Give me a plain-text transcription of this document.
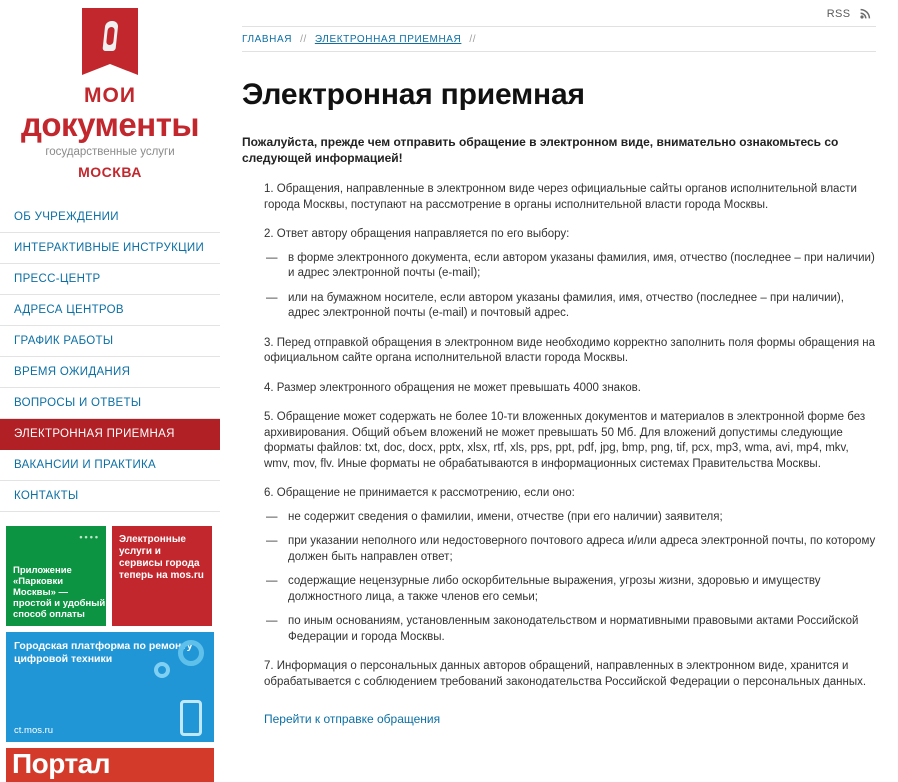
МОИ
документы
государственные услуги
МОСКВА
ОБ УЧРЕЖДЕНИИ
ИНТЕРАКТИВНЫЕ ИНСТРУКЦИИ
ПРЕСС-ЦЕНТР
АДРЕСА ЦЕНТРОВ
ГРАФИК РАБОТЫ
ВРЕМЯ ОЖИДАНИЯ
ВОПРОСЫ И ОТВЕТЫ
ЭЛЕКТРОННАЯ ПРИЕМНАЯ
ВАКАНСИИ И ПРАКТИКА
КОНТАКТЫ
••••
Приложение «Парковки Москвы» — простой и удобный способ оплаты
Электронные услуги и сервисы города теперь на mos.ru
Городская платформа по ремонту цифровой техники
ct.mos.ru
Портал
RSS
ГЛАВНАЯ // ЭЛЕКТРОННАЯ ПРИЕМНАЯ //
Электронная приемная

Пожалуйста, прежде чем отправить обращение в электронном виде, внимательно ознакомьтесь со следующей информацией!

1. Обращения, направленные в электронном виде через официальные сайты органов исполнительной власти города Москвы, поступают на рассмотрение в органы исполнительной власти города Москвы.
2. Ответ автору обращения направляется по его выбору:
— в форме электронного документа, если автором указаны фамилия, имя, отчество (последнее – при наличии) и адрес электронной почты (e-mail);
— или на бумажном носителе, если автором указаны фамилия, имя, отчество (последнее – при наличии), адрес электронной почты (e-mail) и почтовый адрес.
3. Перед отправкой обращения в электронном виде необходимо корректно заполнить поля формы обращения на официальном сайте органа исполнительной власти города Москвы.
4. Размер электронного обращения не может превышать 4000 знаков.
5. Обращение может содержать не более 10-ти вложенных документов и материалов в электронной форме без архивирования. Общий объем вложений не может превышать 50 Мб. Для вложений допустимы следующие форматы файлов: txt, doc, docx, pptx, xlsx, rtf, xls, pps, ppt, pdf, jpg, bmp, png, tif, pcx, mp3, wma, avi, mp4, mkv, wmv, mov, flv. Иные форматы не обрабатываются в информационных системах Правительства Москвы.
6. Обращение не принимается к рассмотрению, если оно:
— не содержит сведения о фамилии, имени, отчестве (при его наличии) заявителя;
— при указании неполного или недостоверного почтового адреса и/или адреса электронной почты, по которому должен быть направлен ответ;
— содержащие нецензурные либо оскорбительные выражения, угрозы жизни, здоровью и имуществу должностного лица, а также членов его семьи;
— по иным основаниям, установленным законодательством и нормативными правовыми актами Российской Федерации и города Москвы.
7. Информация о персональных данных авторов обращений, направленных в электронном виде, хранится и обрабатывается с соблюдением требований законодательства Российской Федерации о персональных данных.
Перейти к отправке обращения
